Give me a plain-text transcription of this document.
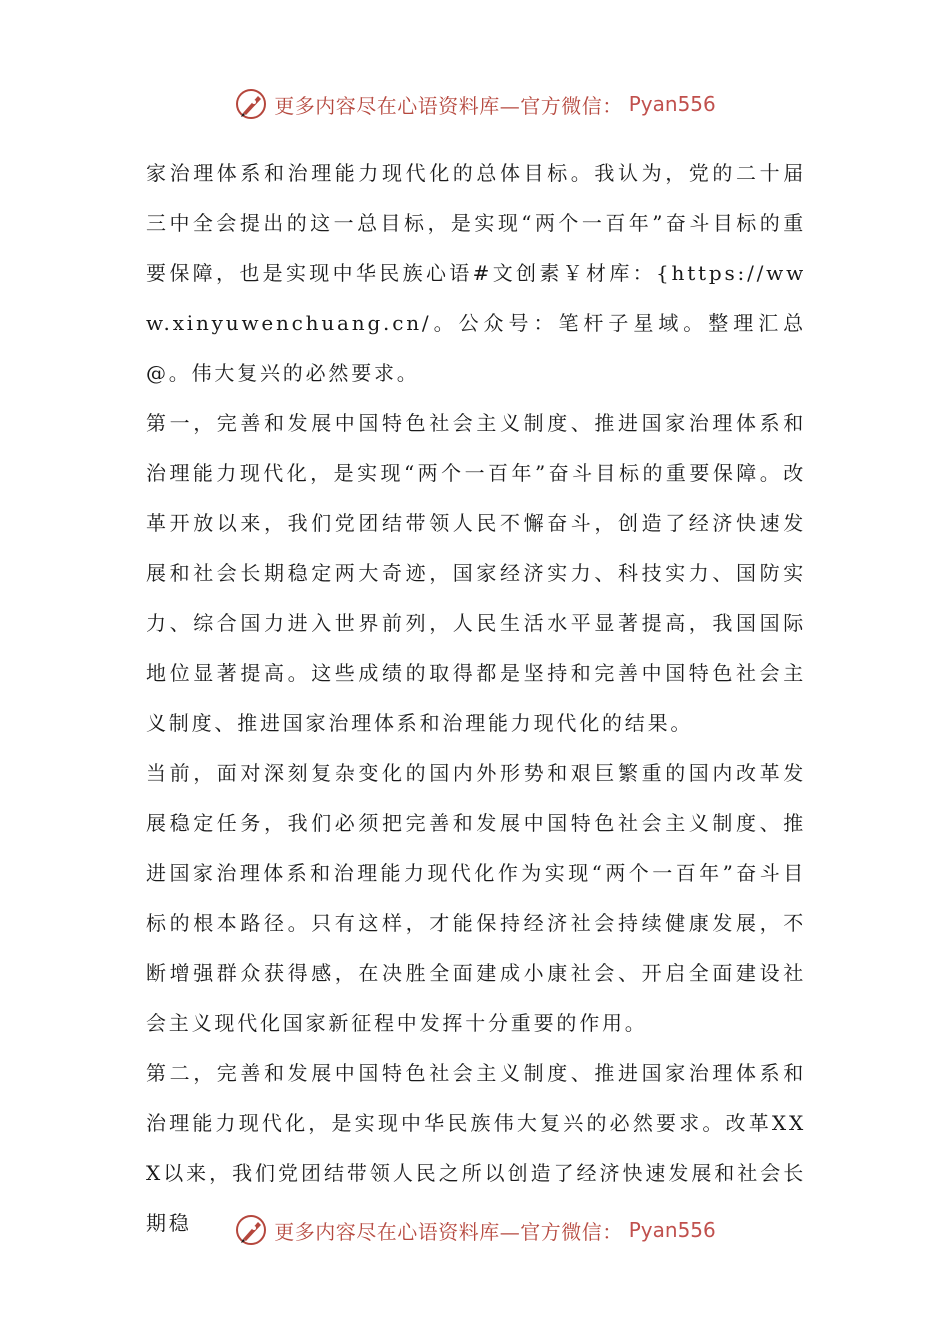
更多内容尽在心语资料库—官方微信： Pyan556

家治理体系和治理能力现代化的总体目标。我认为，党的二十届三中全会提出的这一总目标，是实现“两个一百年”奋斗目标的重要保障，也是实现中华民族心语#文创素￥材库：{https://www.xinyuwenchuang.cn/。公众号：笔杆子星域。整理汇总@。伟大复兴的必然要求。

第一，完善和发展中国特色社会主义制度、推进国家治理体系和治理能力现代化，是实现“两个一百年”奋斗目标的重要保障。改革开放以来，我们党团结带领人民不懈奋斗，创造了经济快速发展和社会长期稳定两大奇迹，国家经济实力、科技实力、国防实力、综合国力进入世界前列，人民生活水平显著提高，我国国际地位显著提高。这些成绩的取得都是坚持和完善中国特色社会主义制度、推进国家治理体系和治理能力现代化的结果。

当前，面对深刻复杂变化的国内外形势和艰巨繁重的国内改革发展稳定任务，我们必须把完善和发展中国特色社会主义制度、推进国家治理体系和治理能力现代化作为实现“两个一百年”奋斗目标的根本路径。只有这样，才能保持经济社会持续健康发展，不断增强群众获得感，在决胜全面建成小康社会、开启全面建设社会主义现代化国家新征程中发挥十分重要的作用。

第二，完善和发展中国特色社会主义制度、推进国家治理体系和治理能力现代化，是实现中华民族伟大复兴的必然要求。改革XXX以来，我们党团结带领人民之所以创造了经济快速发展和社会长期稳	更多内容尽在心语资料库—官方微信： Pyan556
